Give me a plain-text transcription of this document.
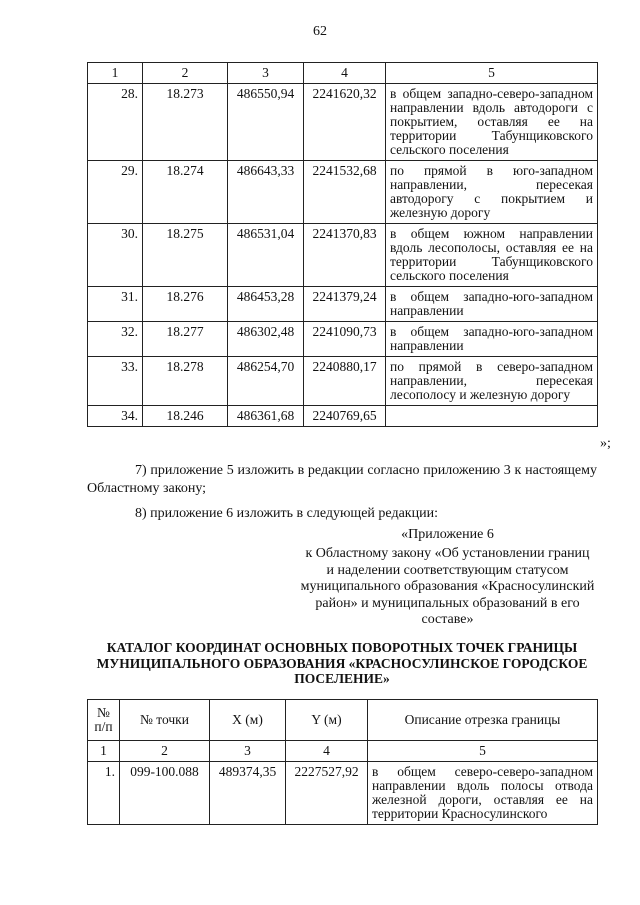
62
1	2	3	4	5
28.	18.273	486550,94	2241620,32	в общем западно-северо-западном направлении вдоль автодороги с покрытием, оставляя ее на территории Табунщиковского сельского поселения
29.	18.274	486643,33	2241532,68	по прямой в юго-западном направлении, пересекая автодорогу с покрытием и железную дорогу
30.	18.275	486531,04	2241370,83	в общем южном направлении вдоль лесополосы, оставляя ее на территории Табунщиковского сельского поселения
31.	18.276	486453,28	2241379,24	в общем западно-юго-западном направлении
32.	18.277	486302,48	2241090,73	в общем западно-юго-западном направлении
33.	18.278	486254,70	2240880,17	по прямой в северо-западном направлении, пересекая лесополосу и железную дорогу
34.	18.246	486361,68	2240769,65	
»;
7) приложение 5 изложить в редакции согласно приложению 3 к настоящему Областному закону;
8) приложение 6 изложить в следующей редакции:
«Приложение 6
к Областному закону «Об установлении границ и наделении соответствующим статусом муниципального образования «Красносулинский район» и муниципальных образований в его составе»
КАТАЛОГ КООРДИНАТ ОСНОВНЫХ ПОВОРОТНЫХ ТОЧЕК ГРАНИЦЫ МУНИЦИПАЛЬНОГО ОБРАЗОВАНИЯ «КРАСНОСУЛИНСКОЕ ГОРОДСКОЕ ПОСЕЛЕНИЕ»
№ п/п	№ точки	X (м)	Y (м)	Описание отрезка границы
1	2	3	4	5
1.	099-100.088	489374,35	2227527,92	в общем северо-северо-западном направлении вдоль полосы отвода железной дороги, оставляя ее на территории Красносулинского
